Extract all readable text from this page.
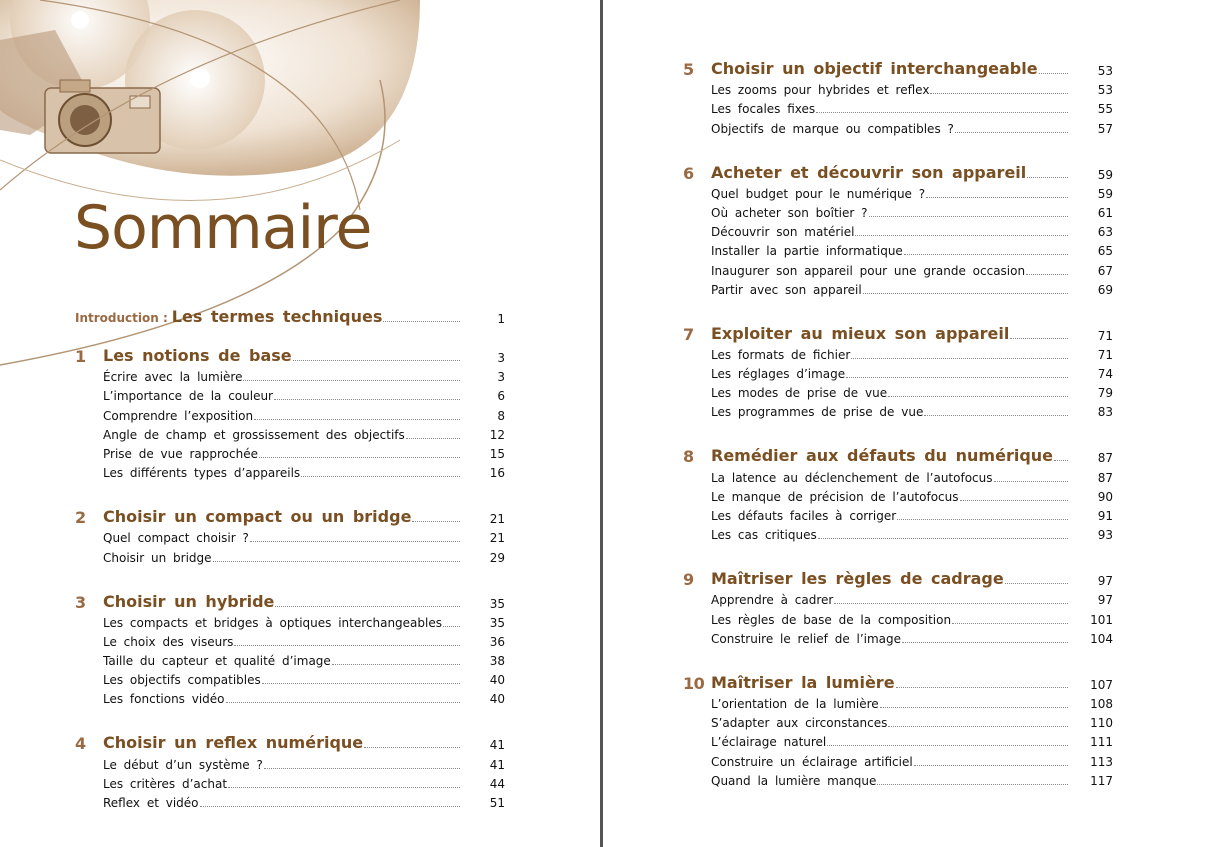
Sommaire
Introduction : Les termes techniques	1
1	Les notions de base	3
Écrire avec la lumière	3
L’importance de la couleur	6
Comprendre l’exposition	8
Angle de champ et grossissement des objectifs	12
Prise de vue rapprochée	15
Les différents types d’appareils	16
2	Choisir un compact ou un bridge	21
Quel compact choisir ?	21
Choisir un bridge	29
3	Choisir un hybride	35
Les compacts et bridges à optiques interchangeables	35
Le choix des viseurs	36
Taille du capteur et qualité d’image	38
Les objectifs compatibles	40
Les fonctions vidéo	40
4	Choisir un reflex numérique	41
Le début d’un système ?	41
Les critères d’achat	44
Reflex et vidéo	51
5	Choisir un objectif interchangeable	53
Les zooms pour hybrides et reflex	53
Les focales fixes	55
Objectifs de marque ou compatibles ?	57
6	Acheter et découvrir son appareil	59
Quel budget pour le numérique ?	59
Où acheter son boîtier ?	61
Découvrir son matériel	63
Installer la partie informatique	65
Inaugurer son appareil pour une grande occasion	67
Partir avec son appareil	69
7	Exploiter au mieux son appareil	71
Les formats de fichier	71
Les réglages d’image	74
Les modes de prise de vue	79
Les programmes de prise de vue	83
8	Remédier aux défauts du numérique	87
La latence au déclenchement de l’autofocus	87
Le manque de précision de l’autofocus	90
Les défauts faciles à corriger	91
Les cas critiques	93
9	Maîtriser les règles de cadrage	97
Apprendre à cadrer	97
Les règles de base de la composition	101
Construire le relief de l’image	104
10 Maîtriser la lumière	107
L’orientation de la lumière	108
S’adapter aux circonstances	110
L’éclairage naturel	111
Construire un éclairage artificiel	113
Quand la lumière manque	117
